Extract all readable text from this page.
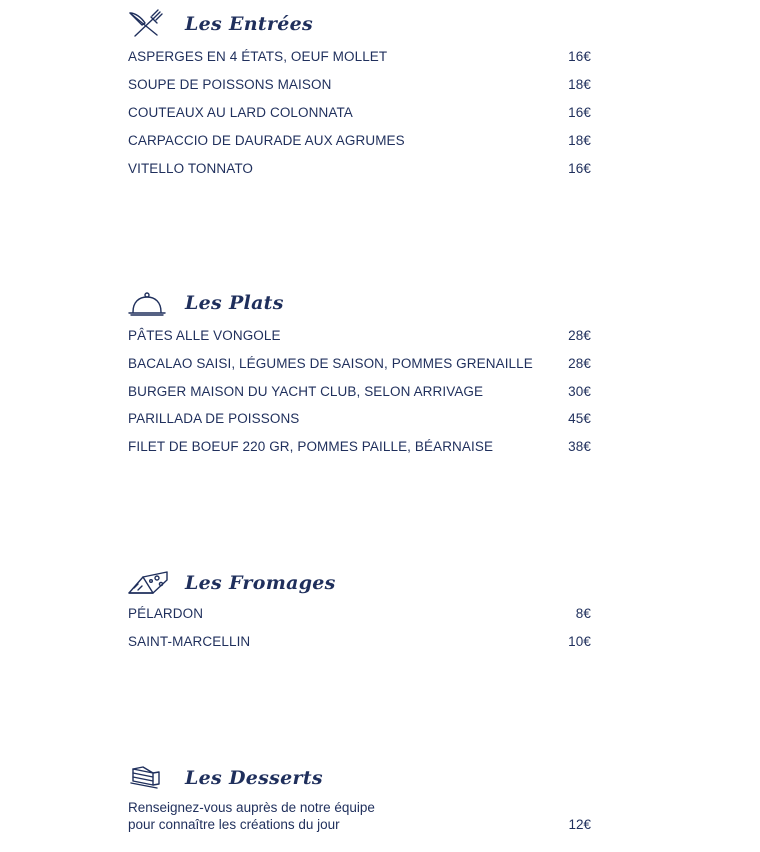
Les Entrées
ASPERGES EN 4 ÉTATS, OEUF MOLLET	16€
SOUPE DE POISSONS MAISON	18€
COUTEAUX AU LARD COLONNATA	16€
CARPACCIO DE DAURADE AUX AGRUMES	18€
VITELLO TONNATO	16€
Les Plats
PÂTES ALLE VONGOLE	28€
BACALAO SAISI, LÉGUMES DE SAISON, POMMES GRENAILLE	28€
BURGER MAISON DU YACHT CLUB, SELON ARRIVAGE	30€
PARILLADA DE POISSONS	45€
FILET DE BOEUF 220 GR, POMMES PAILLE, BÉARNAISE	38€
Les Fromages
PÉLARDON	8€
SAINT-MARCELLIN	10€
Les Desserts
Renseignez-vous auprès de notre équipe
pour connaître les créations du jour	12€
